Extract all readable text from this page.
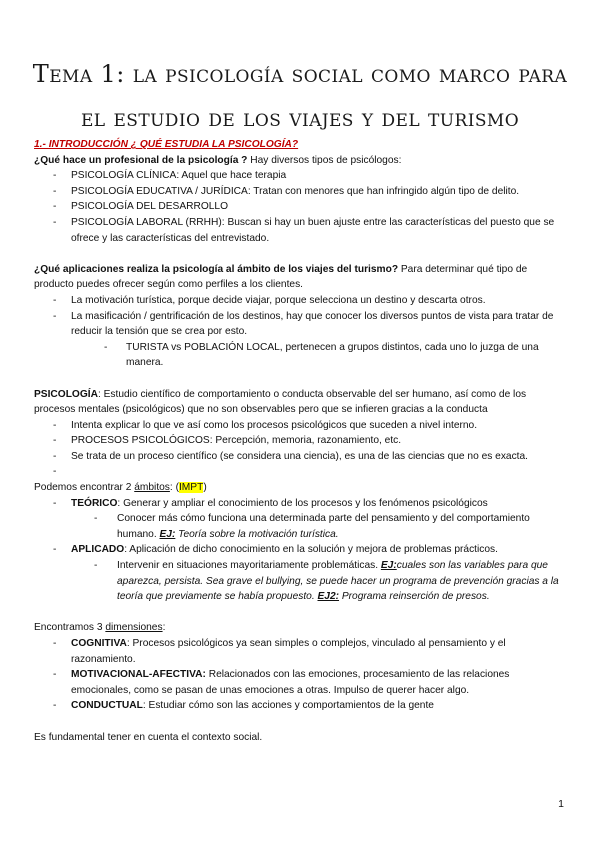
Tema 1: la psicología social como marco para el estudio de los viajes y del turismo

1.- INTRODUCCIÓN ¿ QUÉ ESTUDIA LA PSICOLOGÍA?

¿Qué hace un profesional de la psicología ? Hay diversos tipos de psicólogos:

- PSICOLOGÍA CLÍNICA: Aquel que hace terapia
- PSICOLOGÍA EDUCATIVA / JURÍDICA: Tratan con menores que han infringido algún tipo de delito.
- PSICOLOGÍA DEL DESARROLLO
- PSICOLOGÍA LABORAL (RRHH): Buscan si hay un buen ajuste entre las características del puesto que se ofrece y las características del entrevistado.

¿Qué aplicaciones realiza la psicología al ámbito de los viajes del turismo? Para determinar qué tipo de producto puedes ofrecer según como perfiles a los clientes.

- La motivación turística, porque decide viajar, porque selecciona un destino y descarta otros.
- La masificación / gentrificación de los destinos, hay que conocer los diversos puntos de vista para tratar de reducir la tensión que se crea por esto.
- TURISTA vs POBLACIÓN LOCAL, pertenecen a grupos distintos, cada uno lo juzga de una manera.

PSICOLOGÍA: Estudio científico de comportamiento o conducta observable del ser humano, así como de los procesos mentales (psicológicos) que no son observables pero que se infieren gracias a la conducta

- Intenta explicar lo que ve así como los procesos psicológicos que suceden a nivel interno.
- PROCESOS PSICOLÓGICOS: Percepción, memoria, razonamiento, etc.
- Se trata de un proceso científico (se considera una ciencia), es una de las ciencias que no es exacta.
-

Podemos encontrar 2 ámbitos: (IMPT)

- TEÓRICO: Generar y ampliar el conocimiento de los procesos y los fenómenos psicológicos
- Conocer más cómo funciona una determinada parte del pensamiento y del comportamiento humano. EJ: Teoría sobre la motivación turística.
- APLICADO: Aplicación de dicho conocimiento en la solución y mejora de problemas prácticos.
- Intervenir en situaciones mayoritariamente problemáticas. EJ:cuales son las variables para que aparezca, persista. Sea grave el bullying, se puede hacer un programa de prevención gracias a la teoría que previamente se había propuesto. EJ2: Programa reinserción de presos.

Encontramos 3 dimensiones:

- COGNITIVA: Procesos psicológicos ya sean simples o complejos, vinculado al pensamiento y el razonamiento.
- MOTIVACIONAL-AFECTIVA: Relacionados con las emociones, procesamiento de las relaciones emocionales, como se pasan de unas emociones a otras. Impulso de querer hacer algo.
- CONDUCTUAL: Estudiar cómo son las acciones y comportamientos de la gente

Es fundamental tener en cuenta el contexto social.

1
